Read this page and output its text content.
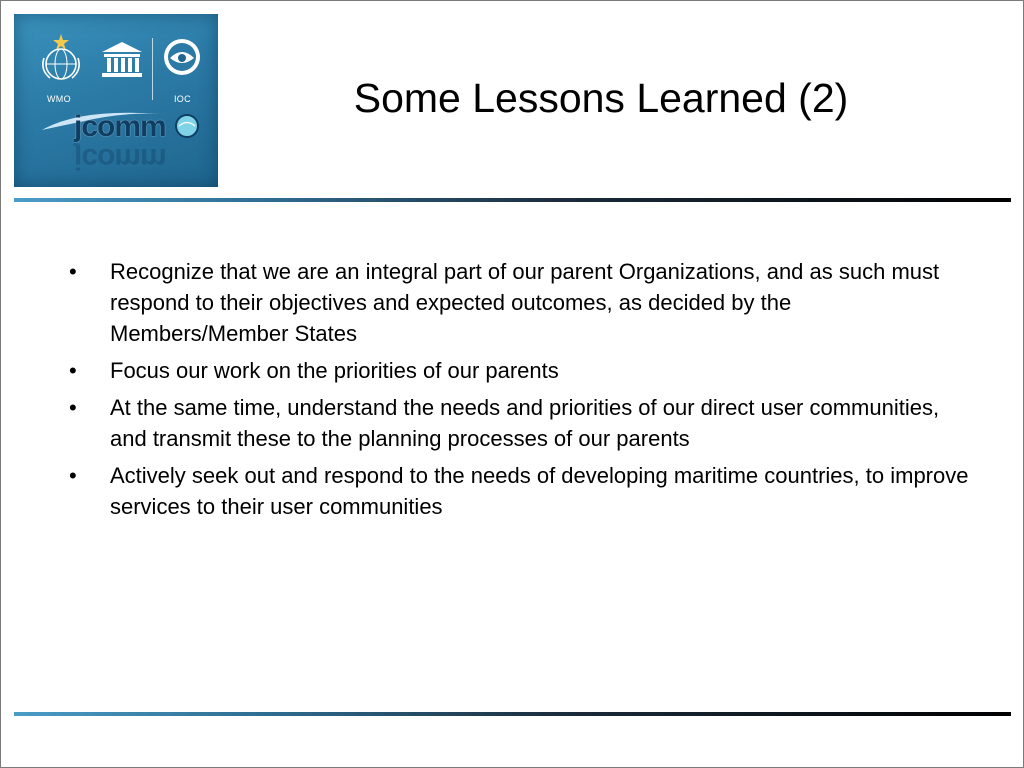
WMO	IOC
jcomm
jcomm
Some Lessons Learned (2)
• Recognize that we are an integral part of our parent Organizations, and as such must respond to their objectives and expected outcomes, as decided by the Members/Member States
• Focus our work on the priorities of our parents
• At the same time, understand the needs and priorities of our direct user communities, and transmit these to the planning processes of our parents
• Actively seek out and respond to the needs of developing maritime countries, to improve services to their user communities
